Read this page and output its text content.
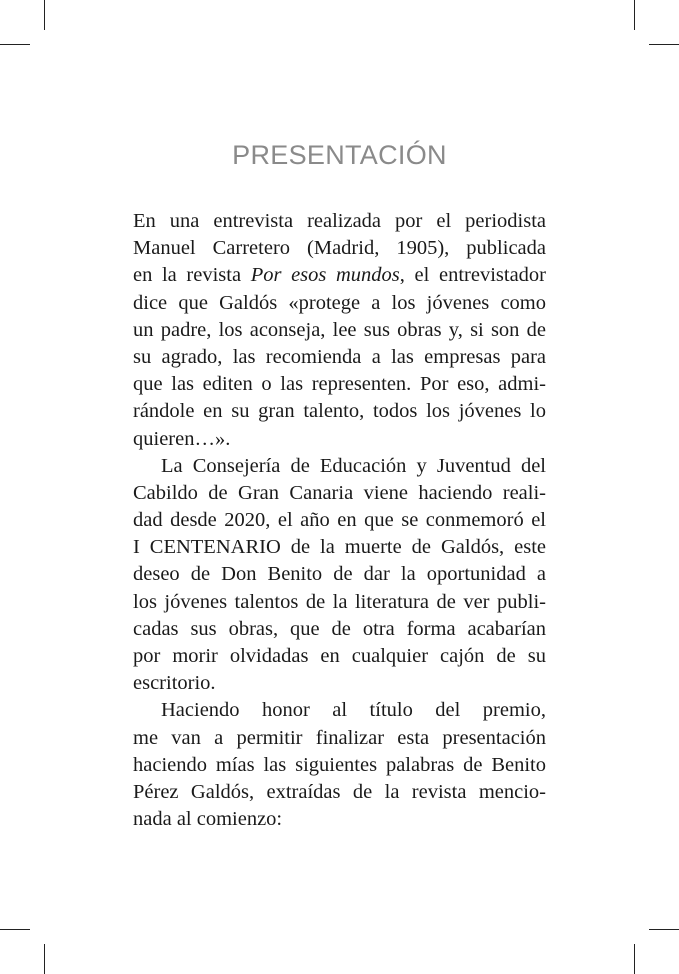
PRESENTACIÓN
En una entrevista realizada por el periodista
Manuel Carretero (Madrid, 1905), publicada
en la revista Por esos mundos, el entrevistador
dice que Galdós «protege a los jóvenes como
un padre, los aconseja, lee sus obras y, si son de
su agrado, las recomienda a las empresas para
que las editen o las representen. Por eso, admi-
rándole en su gran talento, todos los jóvenes lo
quieren…».
La Consejería de Educación y Juventud del
Cabildo de Gran Canaria viene haciendo reali-
dad desde 2020, el año en que se conmemoró el
I CENTENARIO de la muerte de Galdós, este
deseo de Don Benito de dar la oportunidad a
los jóvenes talentos de la literatura de ver publi-
cadas sus obras, que de otra forma acabarían
por morir olvidadas en cualquier cajón de su
escritorio.
Haciendo honor al título del premio,
me van a permitir finalizar esta presentación
haciendo mías las siguientes palabras de Benito
Pérez Galdós, extraídas de la revista mencio-
nada al comienzo:
